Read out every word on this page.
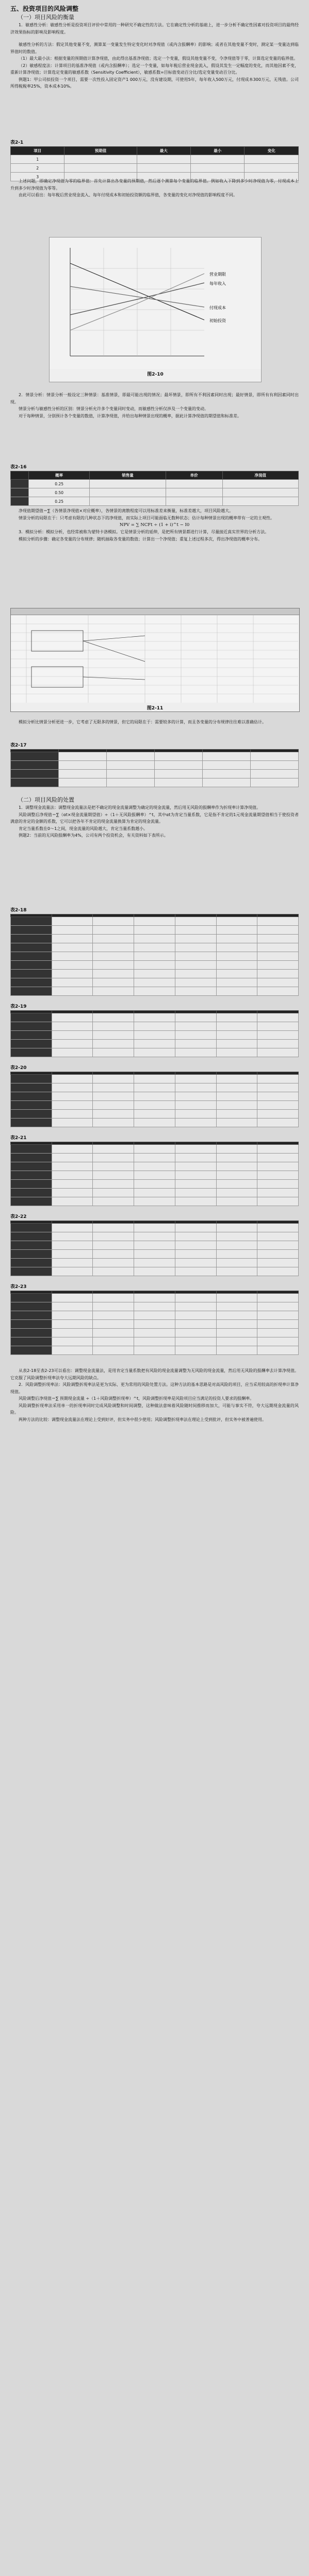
五、投资项目的风险调整
（一）项目风险的衡量
1．敏感性分析：敏感性分析是投资项目评价中常用的一种研究不确定性的方法。它在确定性分析的基础上，进一步分析不确定性因素对投资项目的最终经济效果指标的影响及影响程度。
敏感性分析的方法：假定其他变量不变，测算某一变量发生特定变化时对净现值（或内含报酬率）的影响；或者在其他变量不变时，测定某一变量达到临界值时的数值。
（1）最大最小法：根据变量的预期值计算净现值，由此得出基准净现值；选定一个变量，假设其他变量不变，令净现值等于零，计算选定变量的临界值。
（2）敏感程度法：计算项目的基准净现值（或内含报酬率）；选定一个变量，如每年税后营业现金流入，假设其发生一定幅度的变化，而其他因素不变，重新计算净现值；计算选定变量的敏感系数（Sensitivity Coefficient），敏感系数=目标值变动百分比/选定变量变动百分比。
例题1：甲公司拟投资一个项目，需要一次性投入固定资产1 000万元，没有建设期，可使用5年，每年收入500万元，付现成本300万元，无残值。公司所得税税率25%，资本成本10%。
表2-1
项目	预期值	最大	最小	变化
1				
2				
3				
上述问题，即确定净现值为零的临界值：首先计算出各变量的预期值，然后逐个测算每个变量的临界值。例如收入下降到多少时净现值为零，付现成本上升到多少时净现值为零等。
由此可以看出：每年税后营业现金流入、每年付现成本和初始投资额的临界值，各变量的变化对净现值的影响程度不同。
初始投资
每年收入
付现成本
营业期限
图2-10
2．情景分析：情景分析一般设定三种情景：基准情景，即最可能出现的情况；最坏情景，即所有不利因素同时出现；最好情景，即所有有利因素同时出现。
情景分析与敏感性分析的区别：情景分析允许多个变量同时变动，而敏感性分析仅涉及一个变量的变动。
对于每种情景，分别预计各个变量的数值，计算净现值，并给出每种情景出现的概率，据此计算净现值的期望值和标准差。
表2-16
	概率	销售量	单价	净现值
	0.25			
	0.50			
	0.25			
净现值期望值＝∑（各情景净现值×对应概率），各情景的离散程度可以用标准差来衡量，标准差越大，项目风险越大。
情景分析的局限在于：只考虑有限的几种状态下的净现值，而实际上项目可能面临无数种状态；估计每种情景出现的概率带有一定的主观性。
NPV = ∑ NCFt ÷ (1 + i)^t − I0
3．模拟分析：模拟分析，也经常被称为蒙特卡洛模拟。它是情景分析的延伸，是把所有情景都进行计算，尽量接近真实世界的分析方法。
模拟分析的步骤：确定各变量的分布规律；随机抽取各变量的数值；计算出一个净现值；重复上述过程多次，得出净现值的概率分布。
图2-11
模拟分析比情景分析更进一步，它考虑了无限多的情景，但它的局限在于：需要较多的计算，而且各变量的分布规律往往难以准确估计。
表2-17

（二）项目风险的处置
1．调整现金流量法：调整现金流量法是把不确定的现金流量调整为确定的现金流量，然后用无风险的报酬率作为折现率计算净现值。
风险调整后净现值＝∑（αt×现金流量期望值）÷（1＋无风险报酬率）^t，其中αt为肯定当量系数，它是指不肯定的1元现金流量期望值相当于使投资者满意的肯定的金额的系数，它可以把各年不肯定的现金流量换算为肯定的现金流量。
肯定当量系数在0～1之间，现金流量的风险越大，肯定当量系数越小。
例题2：当前的无风险报酬率为4%，公司有两个投资机会，有关资料如下表所示。
表2-18

表2-19

表2-20

表2-21

表2-22

表2-23

从表2-18至表2-23可以看出：调整现金流量法，是用肯定当量系数把有风险的现金流量调整为无风险的现金流量，然后用无风险的报酬率去计算净现值。它克服了风险调整折现率法夸大远期风险的缺点。
2．风险调整折现率法：风险调整折现率法是更为实际、更为常用的风险处置方法。这种方法的基本思路是对高风险的项目，应当采用较高的折现率计算净现值。
风险调整后净现值＝∑ 预期现金流量 ÷（1＋风险调整折现率）^t，风险调整折现率是风险项目应当满足的投资人要求的报酬率。
风险调整折现率法采用单一的折现率同时完成风险调整和时间调整，这种做法意味着风险随时间推移而加大，可能与事实不符，夸大远期现金流量的风险。
两种方法的比较：调整现金流量法在理论上受到好评，但实务中很少使用；风险调整折现率法在理论上受到批评，但实务中被普遍使用。
